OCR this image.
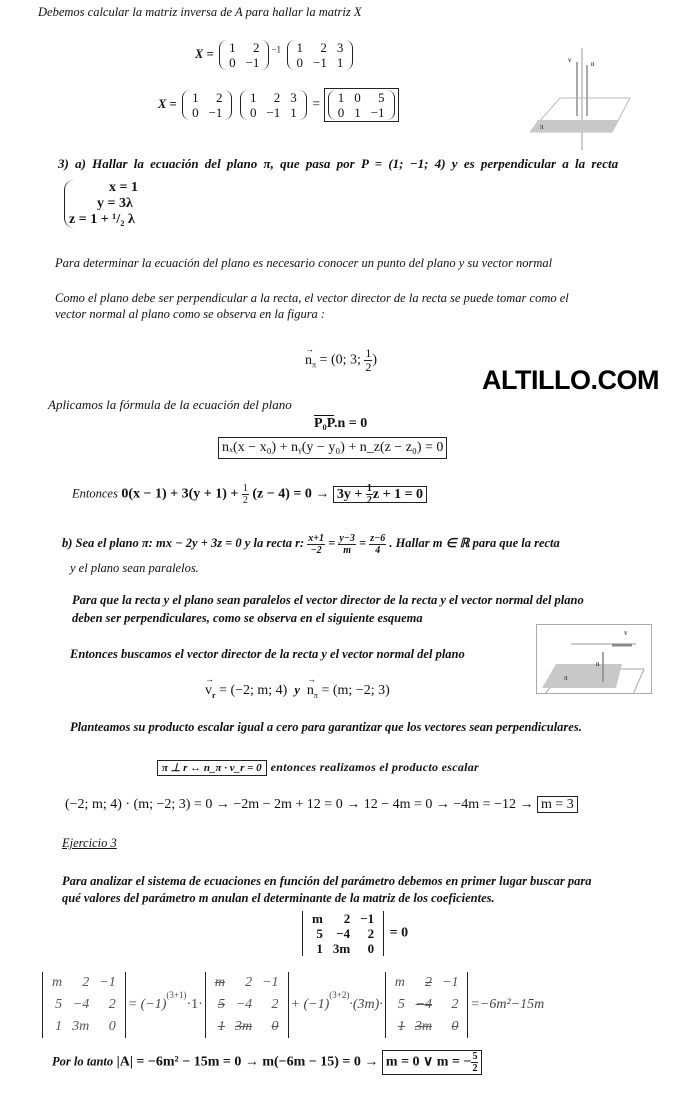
Debemos calcular la matriz inversa de A para hallar la matriz X
X = 1	2
0	−1
$^{-1}$ 1	2	3
0	−1	1
X = 1	2
0	−1

1	2	3
0	−1	1
= 1	0	5
0	1	−1
v	n
π
3) a) Hallar la ecuación del plano π, que pasa por P = (1; −1; 4) y es perpendicular a la recta
x = 1
y = 3λ
z = 1 + ¹/₂ λ
Para determinar la ecuación del plano es necesario conocer un punto del plano y su vector normal
Como el plano debe ser perpendicular a la recta, el vector director de la recta se puede tomar como el
vector normal al plano como se observa en la figura :
→ $n_\pi = (0$; 3; $\frac{1}{2}$ )
ALTILLO.COM
Aplicamos la fórmula de la ecuación del plano
P₀P.n = 0
nₓ(x − x₀) + nᵧ(y − y₀) + n_z(z − z₀) = 0
Entonces $0(x - 1) + 3(y + 1) + \frac{1}{2} (z - 4) = 0 \to 3y + \frac{1}{2}$ z + 1 = 0
b) Sea el plano π: mx − 2y + 3z = 0 y la recta r: $\frac{x+1}{-2} = \frac{y-3}{m} = \frac{z-6}{4}$ . Hallar m ∈ ℝ para que la recta
y el plano sean paralelos.
Para que la recta y el plano sean paralelos el vector director de la recta y el vector normal del plano
deben ser perpendiculares, como se observa en el siguiente esquema
v
n
π
Entonces buscamos el vector director de la recta y el vector normal del plano
→ $v_r = (-2$; m; 4) $y \to n_\pi = (m$; −2; 3)
Planteamos su producto escalar igual a cero para garantizar que los vectores sean perpendiculares.
π ⊥ r ↔ n_π · v_r = 0 entonces realizamos el producto escalar
(−2; m; 4) · (m; −2; 3) = 0 → −2m − 2m + 12 = 0 → 12 − 4m = 0 → −4m = −12 → m = 3
Ejercicio 3
Para analizar el sistema de ecuaciones en función del parámetro debemos en primer lugar buscar para
qué valores del parámetro m anulan el determinante de la matriz de los coeficientes.
m	2	−1
5	−4	2
1	3m	0
= 0
m	2	−1
5	−4	2
1	3m	0
= (−1)
$^{(3+1)}$
·1·
m	2	−1
5	−4	2
1	3m	0
+ (−1)
$^{(3+2)}$
·(3m)·
m	2	−1
5	−4	2
1	3m	0
=−6m²−15m
Por lo tanto |A| = −6m² − 15m = 0 → m(−6m − 15) = 0 → m = 0 ∨ m = − $\frac{5}{2}$
